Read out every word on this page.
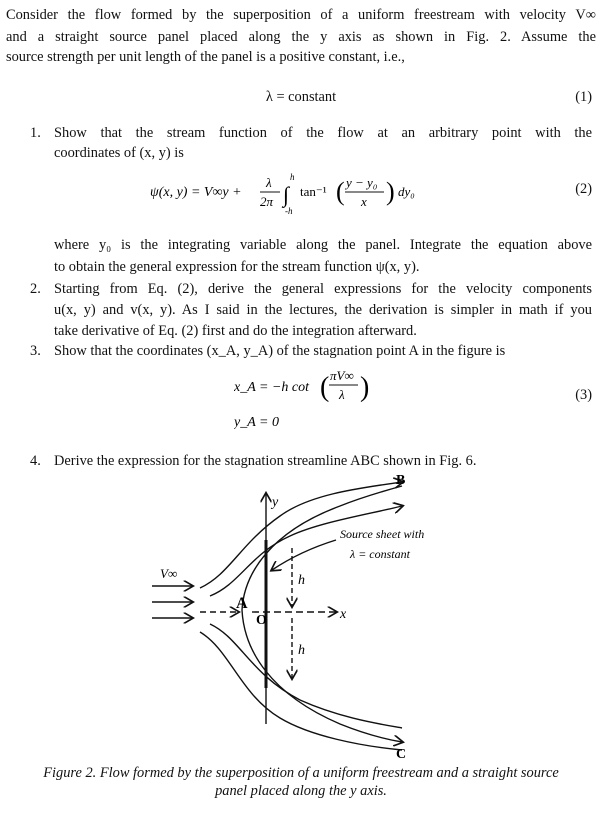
Consider the flow formed by the superposition of a uniform freestream with velocity V∞
and a straight source panel placed along the y axis as shown in Fig. 2. Assume the
source strength per unit length of the panel is a positive constant, i.e.,
λ = constant	(1)
1. Show that the stream function of the flow at an arbitrary point with the
coordinates of (x, y) is
ψ(x, y) = V∞y +
λ
2π ∫
h
-h
tan⁻¹ ( y − y₀
x ) dy₀	(2)
where y₀ is the integrating variable along the panel. Integrate the equation above
to obtain the general expression for the stream function ψ(x, y).
2. Starting from Eq. (2), derive the general expressions for the velocity components
u(x, y) and v(x, y). As I said in the lectures, the derivation is simpler in math if you
take derivative of Eq. (2) first and do the integration afterward.
3. Show that the coordinates (x_A, y_A) of the stagnation point A in the figure is
x_A = −h cot ( πV∞
λ )
y_A = 0
(3)
4. Derive the expression for the stagnation streamline ABC shown in Fig. 6.
y
x
A
O
B
C
h
h
V∞
Source sheet with
λ = constant
Figure 2. Flow formed by the superposition of a uniform freestream and a straight source
panel placed along the y axis.
